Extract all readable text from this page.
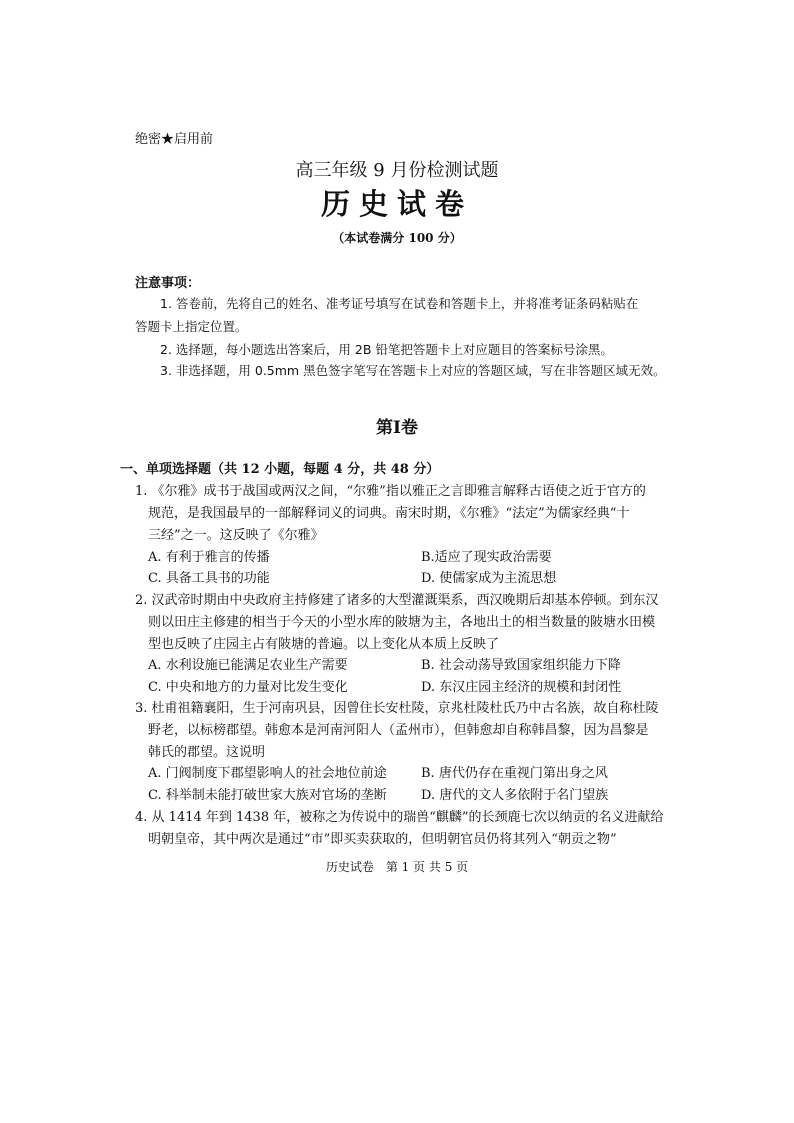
绝密★启用前
高三年级 9 月份检测试题
历史试卷
（本试卷满分 100 分）
注意事项：
1. 答卷前，先将自己的姓名、准考证号填写在试卷和答题卡上，并将准考证条码粘贴在
答题卡上指定位置。
2. 选择题，每小题选出答案后，用 2B 铅笔把答题卡上对应题目的答案标号涂黑。
3. 非选择题，用 0.5mm 黑色签字笔写在答题卡上对应的答题区域，写在非答题区域无效。
第Ⅰ卷
一、单项选择题（共 12 小题，每题 4 分，共 48 分）
1. 《尔雅》成书于战国或两汉之间，“尔雅”指以雅正之言即雅言解释古语使之近于官方的
规范，是我国最早的一部解释词义的词典。南宋时期，《尔雅》“法定”为儒家经典“十
三经”之一。这反映了《尔雅》
A. 有利于雅言的传播	B.适应了现实政治需要
C. 具备工具书的功能	D. 使儒家成为主流思想
2. 汉武帝时期由中央政府主持修建了诸多的大型灌溉渠系，西汉晚期后却基本停顿。到东汉
则以田庄主修建的相当于今天的小型水库的陂塘为主，各地出土的相当数量的陂塘水田模
型也反映了庄园主占有陂塘的普遍。以上变化从本质上反映了
A. 水利设施已能满足农业生产需要	B. 社会动荡导致国家组织能力下降
C. 中央和地方的力量对比发生变化	D. 东汉庄园主经济的规模和封闭性
3. 杜甫祖籍襄阳，生于河南巩县，因曾住长安杜陵，京兆杜陵杜氏乃中古名族，故自称杜陵
野老，以标榜郡望。韩愈本是河南河阳人（孟州市），但韩愈却自称韩昌黎，因为昌黎是
韩氏的郡望。这说明
A. 门阀制度下郡望影响人的社会地位前途	B. 唐代仍存在重视门第出身之风
C. 科举制未能打破世家大族对官场的垄断	D. 唐代的文人多依附于名门望族
4. 从 1414 年到 1438 年，被称之为传说中的瑞兽“麒麟”的长颈鹿七次以纳贡的名义进献给
明朝皇帝，其中两次是通过“市”即买卖获取的，但明朝官员仍将其列入“朝贡之物”
历史试卷　第 1 页 共 5 页
